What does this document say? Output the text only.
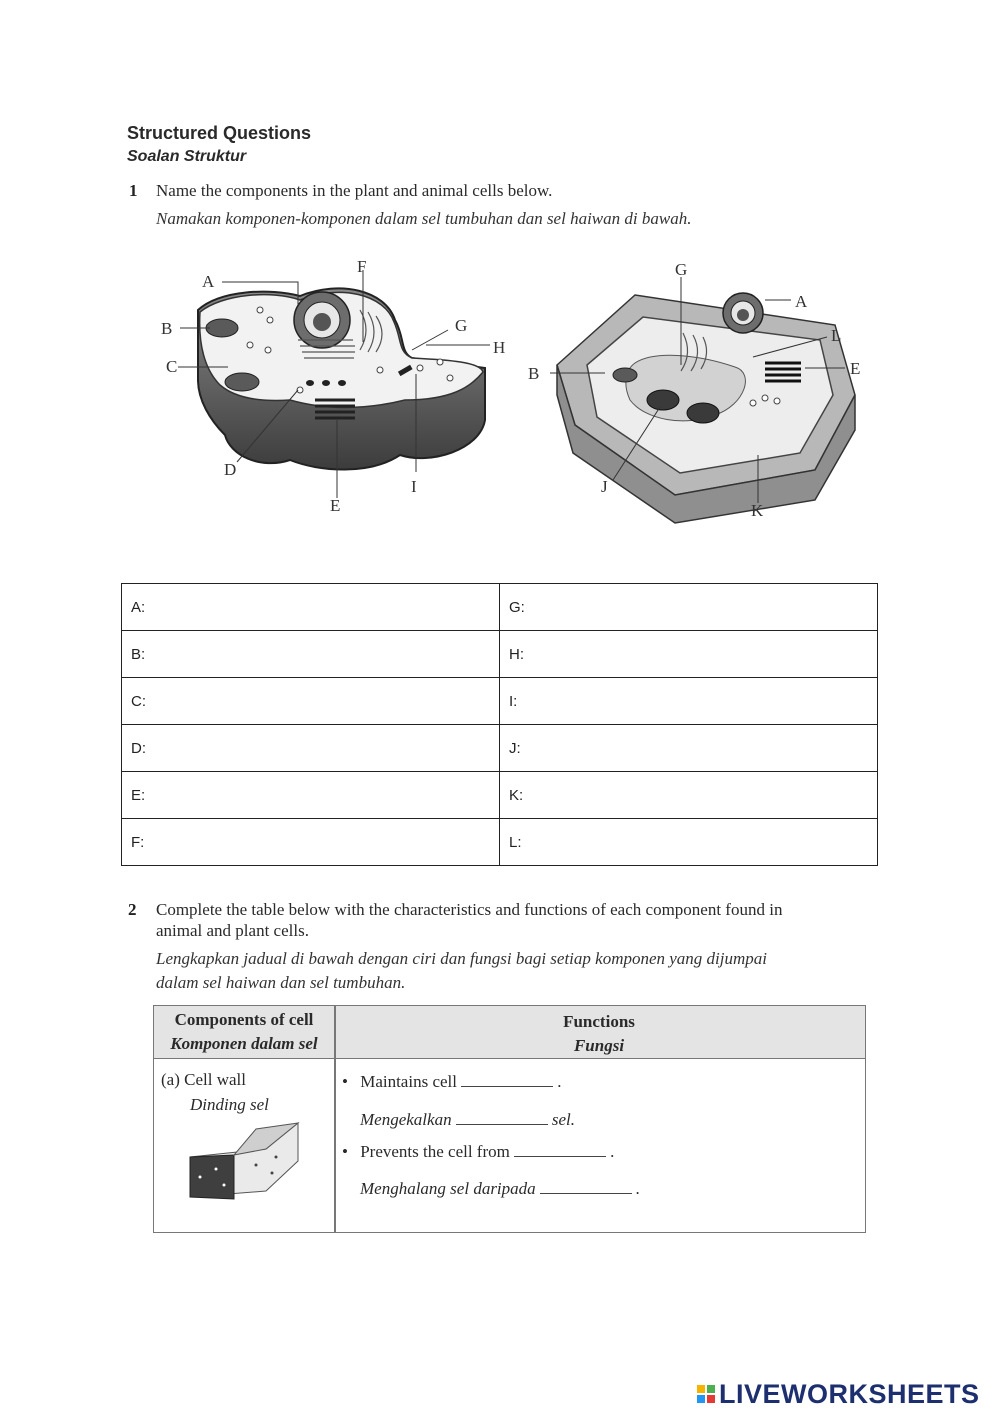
Structured Questions
Soalan Struktur
1 Name the components in the plant and animal cells below.
Namakan komponen-komponen dalam sel tumbuhan dan sel haiwan di bawah.
A
B
C
D
E
F
G
H
I
G
A
L
B	E
J
K
A:	G:
B:	H:
C:	I:
D:	J:
E:	K:
F:	L:
2 Complete the table below with the characteristics and functions of each component found in
animal and plant cells.
Lengkapkan jadual di bawah dengan ciri dan fungsi bagi setiap komponen yang dijumpai
dalam sel haiwan dan sel tumbuhan.
Components of cell
Komponen dalam sel
Functions
Fungsi
(a) Cell wall
Dinding sel
• Maintains cell	.
Mengekalkan	sel.
• Prevents the cell from	.
Menghalang sel daripada	.
LIVEWORKSHEETS
